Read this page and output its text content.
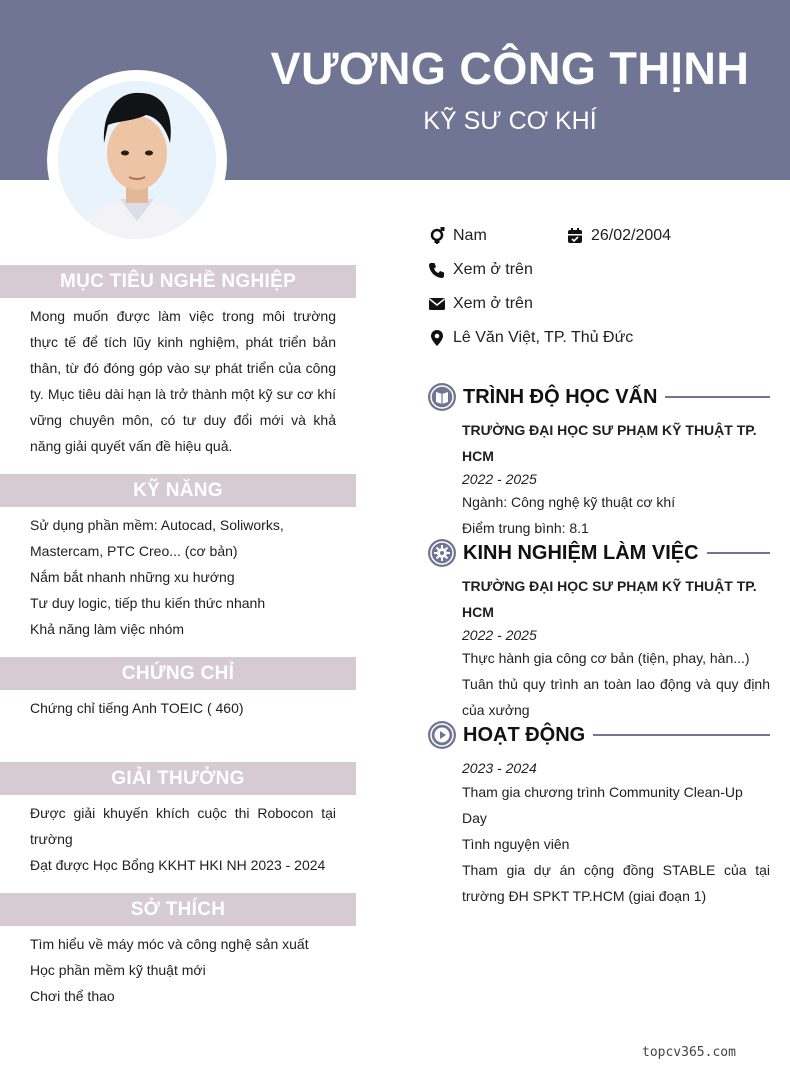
VƯƠNG CÔNG THỊNH
KỸ SƯ CƠ KHÍ
Nam	26/02/2004
Xem ở trên
Xem ở trên
Lê Văn Việt, TP. Thủ Đức
MỤC TIÊU NGHỀ NGHIỆP

Mong muốn được làm việc trong môi trường thực tế để tích lũy kinh nghiệm, phát triển bản thân, từ đó đóng góp vào sự phát triển của công ty. Mục tiêu dài hạn là trở thành một kỹ sư cơ khí vững chuyên môn, có tư duy đổi mới và khả năng giải quyết vấn đề hiệu quả.

KỸ NĂNG

Sử dụng phần mềm: Autocad, Soliworks, Mastercam, PTC Creo... (cơ bản)

Nắm bắt nhanh những xu hướng

Tư duy logic, tiếp thu kiến thức nhanh

Khả năng làm việc nhóm

CHỨNG CHỈ

Chứng chỉ tiếng Anh TOEIC ( 460)

GIẢI THƯỞNG

Được giải khuyến khích cuộc thi Robocon tại trường

Đạt được Học Bổng KKHT HKI NH 2023 - 2024

SỞ THÍCH

Tìm hiểu về máy móc và công nghệ sản xuất

Học phần mềm kỹ thuật mới

Chơi thể thao

TRÌNH ĐỘ HỌC VẤN

TRƯỜNG ĐẠI HỌC SƯ PHẠM KỸ THUẬT TP. HCM

2022 - 2025

Ngành: Công nghệ kỹ thuật cơ khí

Điểm trung bình: 8.1

KINH NGHIỆM LÀM VIỆC

TRƯỜNG ĐẠI HỌC SƯ PHẠM KỸ THUẬT TP. HCM

2022 - 2025

Thực hành gia công cơ bản (tiện, phay, hàn...)

Tuân thủ quy trình an toàn lao động và quy định của xưởng

HOẠT ĐỘNG

2023 - 2024

Tham gia chương trình Community Clean-Up Day

Tình nguyện viên

Tham gia dự án cộng đồng STABLE của tại trường ĐH SPKT TP.HCM (giai đoạn 1)

topcv365.com
